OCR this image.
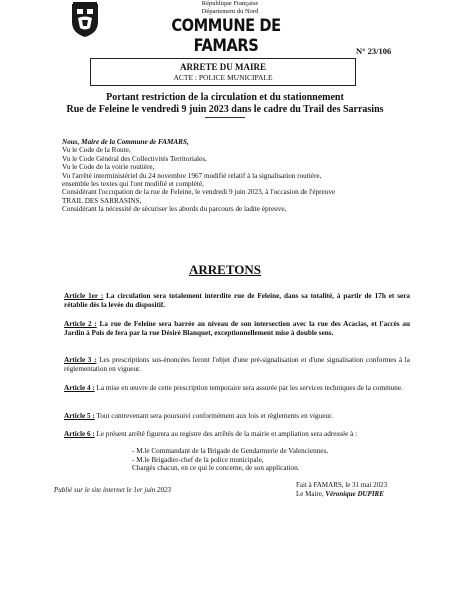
République Française
Département du Nord
COMMUNE DE FAMARS	N° 23/106
ARRETE DU MAIRE
ACTE : POLICE MUNICIPALE
Portant restriction de la circulation et du stationnement
Rue de Feleine le vendredi 9 juin 2023 dans le cadre du Trail des Sarrasins
Nous, Maire de la Commune de FAMARS,
Vu le Code de la Route,
Vu le Code Général des Collectivités Territoriales,
Vu le Code de la voirie routière,
Vu l'arrêté interministériel du 24 novembre 1967 modifié relatif à la signalisation routière,
ensemble les textes qui l'ont modifié et complété,
Considérant l'occupation de la rue de Feleine, le vendredi 9 juin 2023, à l'occasion de l'épreuve
TRAIL DES SARRASINS,
Considérant la nécessité de sécuriser les abords du parcours de ladite épreuve,
ARRETONS
Article 1er : La circulation sera totalement interdite rue de Feleine, dans sa totalité, à partir de 17h et sera rétablie dès la levée du dispositif.
Article 2 : La rue de Feleine sera barrée au niveau de son intersection avec la rue des Acacias, et l'accès au Jardin à Pois de fera par la rue Désiré Blanquet, exceptionnellement mise à double sens.
Article 3 : Les prescriptions sus-énoncées feront l'objet d'une pré-signalisation et d'une signalisation conformes à la réglementation en vigueur.
Article 4 : La mise en œuvre de cette prescription temporaire sera assurée par les services techniques de la commune.
Article 5 : Tout contrevenant sera poursuivi conformément aux lois et règlements en vigueur.
Article 6 : Le présent arrêté figurera au registre des arrêtés de la mairie et ampliation sera adressée à :
- M.le Commandant de la Brigade de Gendarmerie de Valenciennes,
- M.le Brigadier-chef de la police municipale,
Chargés chacun, en ce qui le concerne, de son application.
Publié sur le site internet le 1er juin 2023
Fait à FAMARS, le 31 mai 2023
Le Maire, Véronique DUPIRE
